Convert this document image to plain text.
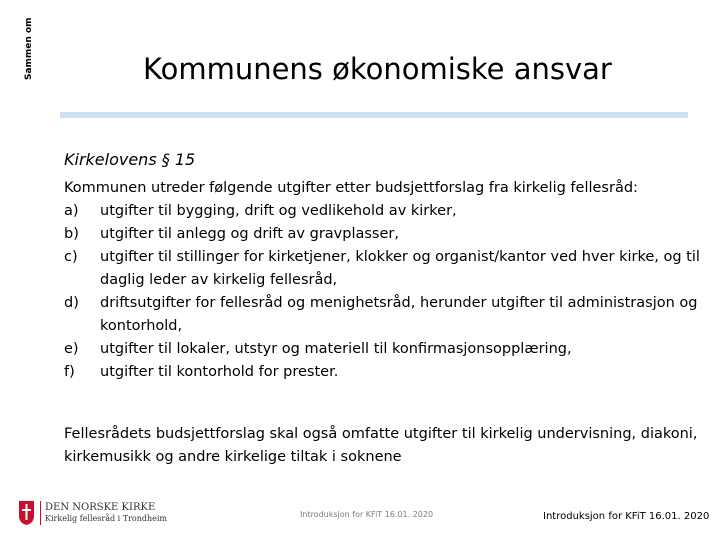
Sammen om	Kommunens økonomiske ansvar
Kirkelovens § 15
Kommunen utreder følgende utgifter etter budsjettforslag fra kirkelig fellesråd:
a)	utgifter til bygging, drift og vedlikehold av kirker,
b)	utgifter til anlegg og drift av gravplasser,
c)	utgifter til stillinger for kirketjener, klokker og organist/kantor ved hver kirke, og til daglig leder av kirkelig fellesråd,
d)	driftsutgifter for fellesråd og menighetsråd, herunder utgifter til administrasjon og kontorhold,
e)	utgifter til lokaler, utstyr og materiell til konfirmasjonsopplæring,
f)	utgifter til kontorhold for prester.
Fellesrådets budsjettforslag skal også omfatte utgifter til kirkelig undervisning, diakoni, kirkemusikk og andre kirkelige tiltak i soknene
DEN NORSKE KIRKE
Kirkelig fellesråd i Trondheim	Introduksjon for KFiT 16.01. 2020	Introduksjon for KFiT 16.01. 2020
